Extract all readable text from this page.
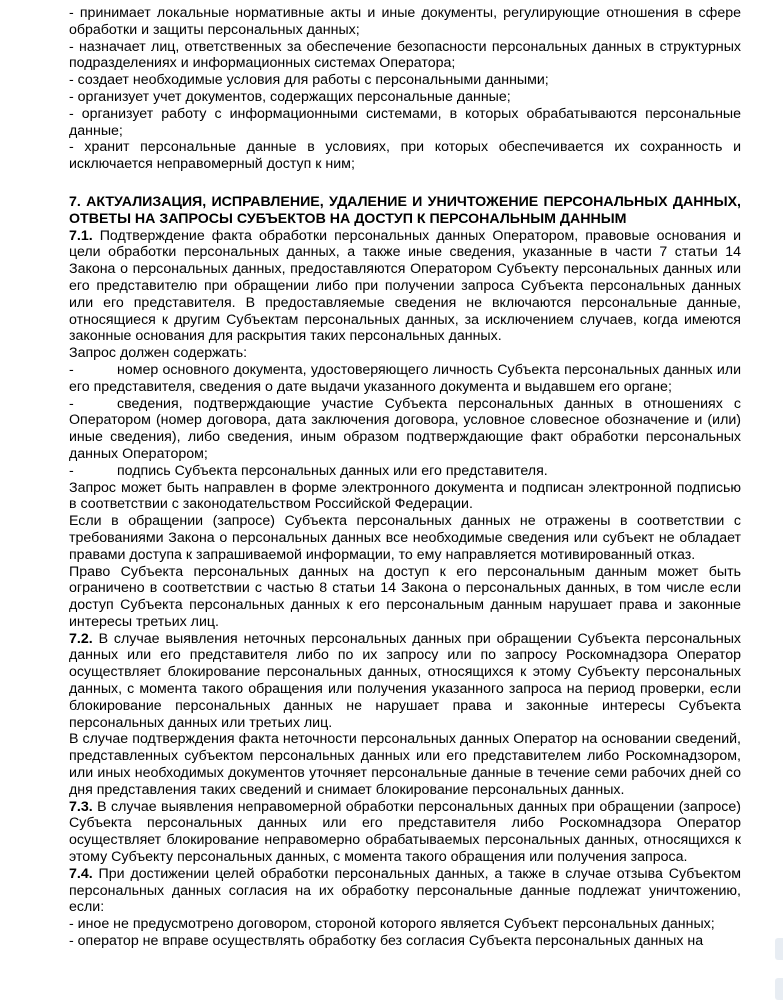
- принимает локальные нормативные акты и иные документы, регулирующие отношения в сфере обработки и защиты персональных данных;

- назначает лиц, ответственных за обеспечение безопасности персональных данных в структурных подразделениях и информационных системах Оператора;

- создает необходимые условия для работы с персональными данными;

- организует учет документов, содержащих персональные данные;

- организует работу с информационными системами, в которых обрабатываются персональные данные;

- хранит персональные данные в условиях, при которых обеспечивается их сохранность и исключается неправомерный доступ к ним;

7. АКТУАЛИЗАЦИЯ, ИСПРАВЛЕНИЕ, УДАЛЕНИЕ И УНИЧТОЖЕНИЕ ПЕРСОНАЛЬНЫХ ДАННЫХ, ОТВЕТЫ НА ЗАПРОСЫ СУБЪЕКТОВ НА ДОСТУП К ПЕРСОНАЛЬНЫМ ДАННЫМ

7.1. Подтверждение факта обработки персональных данных Оператором, правовые основания и цели обработки персональных данных, а также иные сведения, указанные в части 7 статьи 14 Закона о персональных данных, предоставляются Оператором Субъекту персональных данных или его представителю при обращении либо при получении запроса Субъекта персональных данных или его представителя. В предоставляемые сведения не включаются персональные данные, относящиеся к другим Субъектам персональных данных, за исключением случаев, когда имеются законные основания для раскрытия таких персональных данных.

Запрос должен содержать:

-	номер основного документа, удостоверяющего личность Субъекта персональных данных или его представителя, сведения о дате выдачи указанного документа и выдавшем его органе;

-	сведения, подтверждающие участие Субъекта персональных данных в отношениях с Оператором (номер договора, дата заключения договора, условное словесное обозначение и (или) иные сведения), либо сведения, иным образом подтверждающие факт обработки персональных данных Оператором;

-	подпись Субъекта персональных данных или его представителя.

Запрос может быть направлен в форме электронного документа и подписан электронной подписью в соответствии с законодательством Российской Федерации.

Если в обращении (запросе) Субъекта персональных данных не отражены в соответствии с требованиями Закона о персональных данных все необходимые сведения или субъект не обладает правами доступа к запрашиваемой информации, то ему направляется мотивированный отказ.

Право Субъекта персональных данных на доступ к его персональным данным может быть ограничено в соответствии с частью 8 статьи 14 Закона о персональных данных, в том числе если доступ Субъекта персональных данных к его персональным данным нарушает права и законные интересы третьих лиц.

7.2. В случае выявления неточных персональных данных при обращении Субъекта персональных данных или его представителя либо по их запросу или по запросу Роскомнадзора Оператор осуществляет блокирование персональных данных, относящихся к этому Субъекту персональных данных, с момента такого обращения или получения указанного запроса на период проверки, если блокирование персональных данных не нарушает права и законные интересы Субъекта персональных данных или третьих лиц.

В случае подтверждения факта неточности персональных данных Оператор на основании сведений, представленных субъектом персональных данных или его представителем либо Роскомнадзором, или иных необходимых документов уточняет персональные данные в течение семи рабочих дней со дня представления таких сведений и снимает блокирование персональных данных.

7.3. В случае выявления неправомерной обработки персональных данных при обращении (запросе) Субъекта персональных данных или его представителя либо Роскомнадзора Оператор осуществляет блокирование неправомерно обрабатываемых персональных данных, относящихся к этому Субъекту персональных данных, с момента такого обращения или получения запроса.

7.4. При достижении целей обработки персональных данных, а также в случае отзыва Субъектом персональных данных согласия на их обработку персональные данные подлежат уничтожению, если:

- иное не предусмотрено договором, стороной которого является Субъект персональных данных;

- оператор не вправе осуществлять обработку без согласия Субъекта персональных данных на
